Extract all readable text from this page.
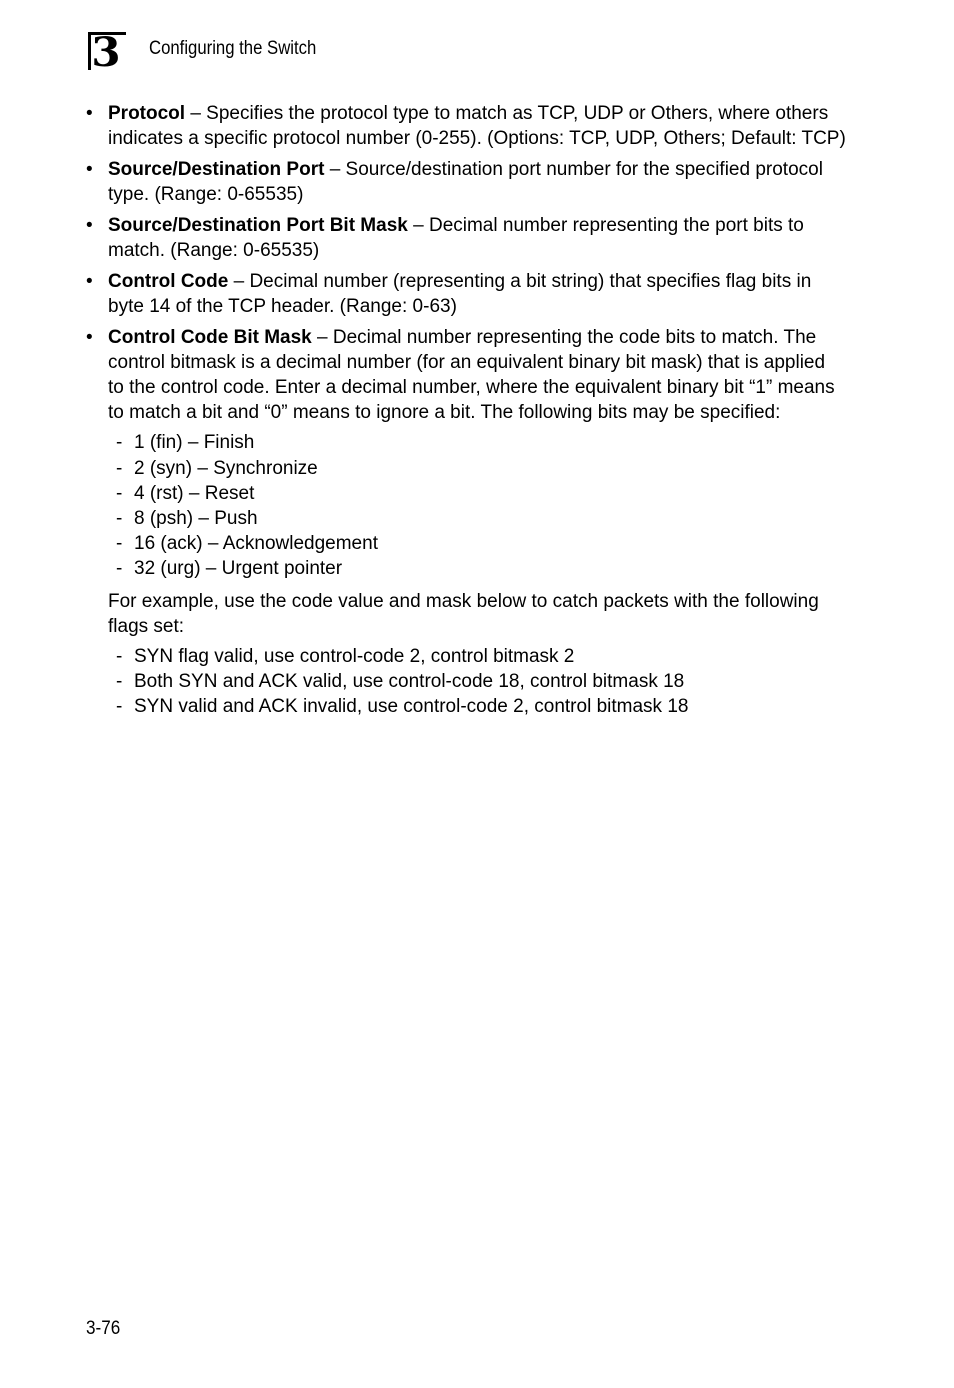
3 Configuring the Switch
• Protocol – Specifies the protocol type to match as TCP, UDP or Others, where others indicates a specific protocol number (0-255). (Options: TCP, UDP, Others; Default: TCP)
• Source/Destination Port – Source/destination port number for the specified protocol type. (Range: 0-65535)
• Source/Destination Port Bit Mask – Decimal number representing the port bits to match. (Range: 0-65535)
• Control Code – Decimal number (representing a bit string) that specifies flag bits in byte 14 of the TCP header. (Range: 0-63)
• Control Code Bit Mask – Decimal number representing the code bits to match. The control bitmask is a decimal number (for an equivalent binary bit mask) that is applied to the control code. Enter a decimal number, where the equivalent binary bit “1” means to match a bit and “0” means to ignore a bit. The following bits may be specified:
- 1 (fin) – Finish
- 2 (syn) – Synchronize
- 4 (rst) – Reset
- 8 (psh) – Push
- 16 (ack) – Acknowledgement
- 32 (urg) – Urgent pointer

For example, use the code value and mask below to catch packets with the following flags set:

- SYN flag valid, use control-code 2, control bitmask 2
- Both SYN and ACK valid, use control-code 18, control bitmask 18
- SYN valid and ACK invalid, use control-code 2, control bitmask 18
3-76
